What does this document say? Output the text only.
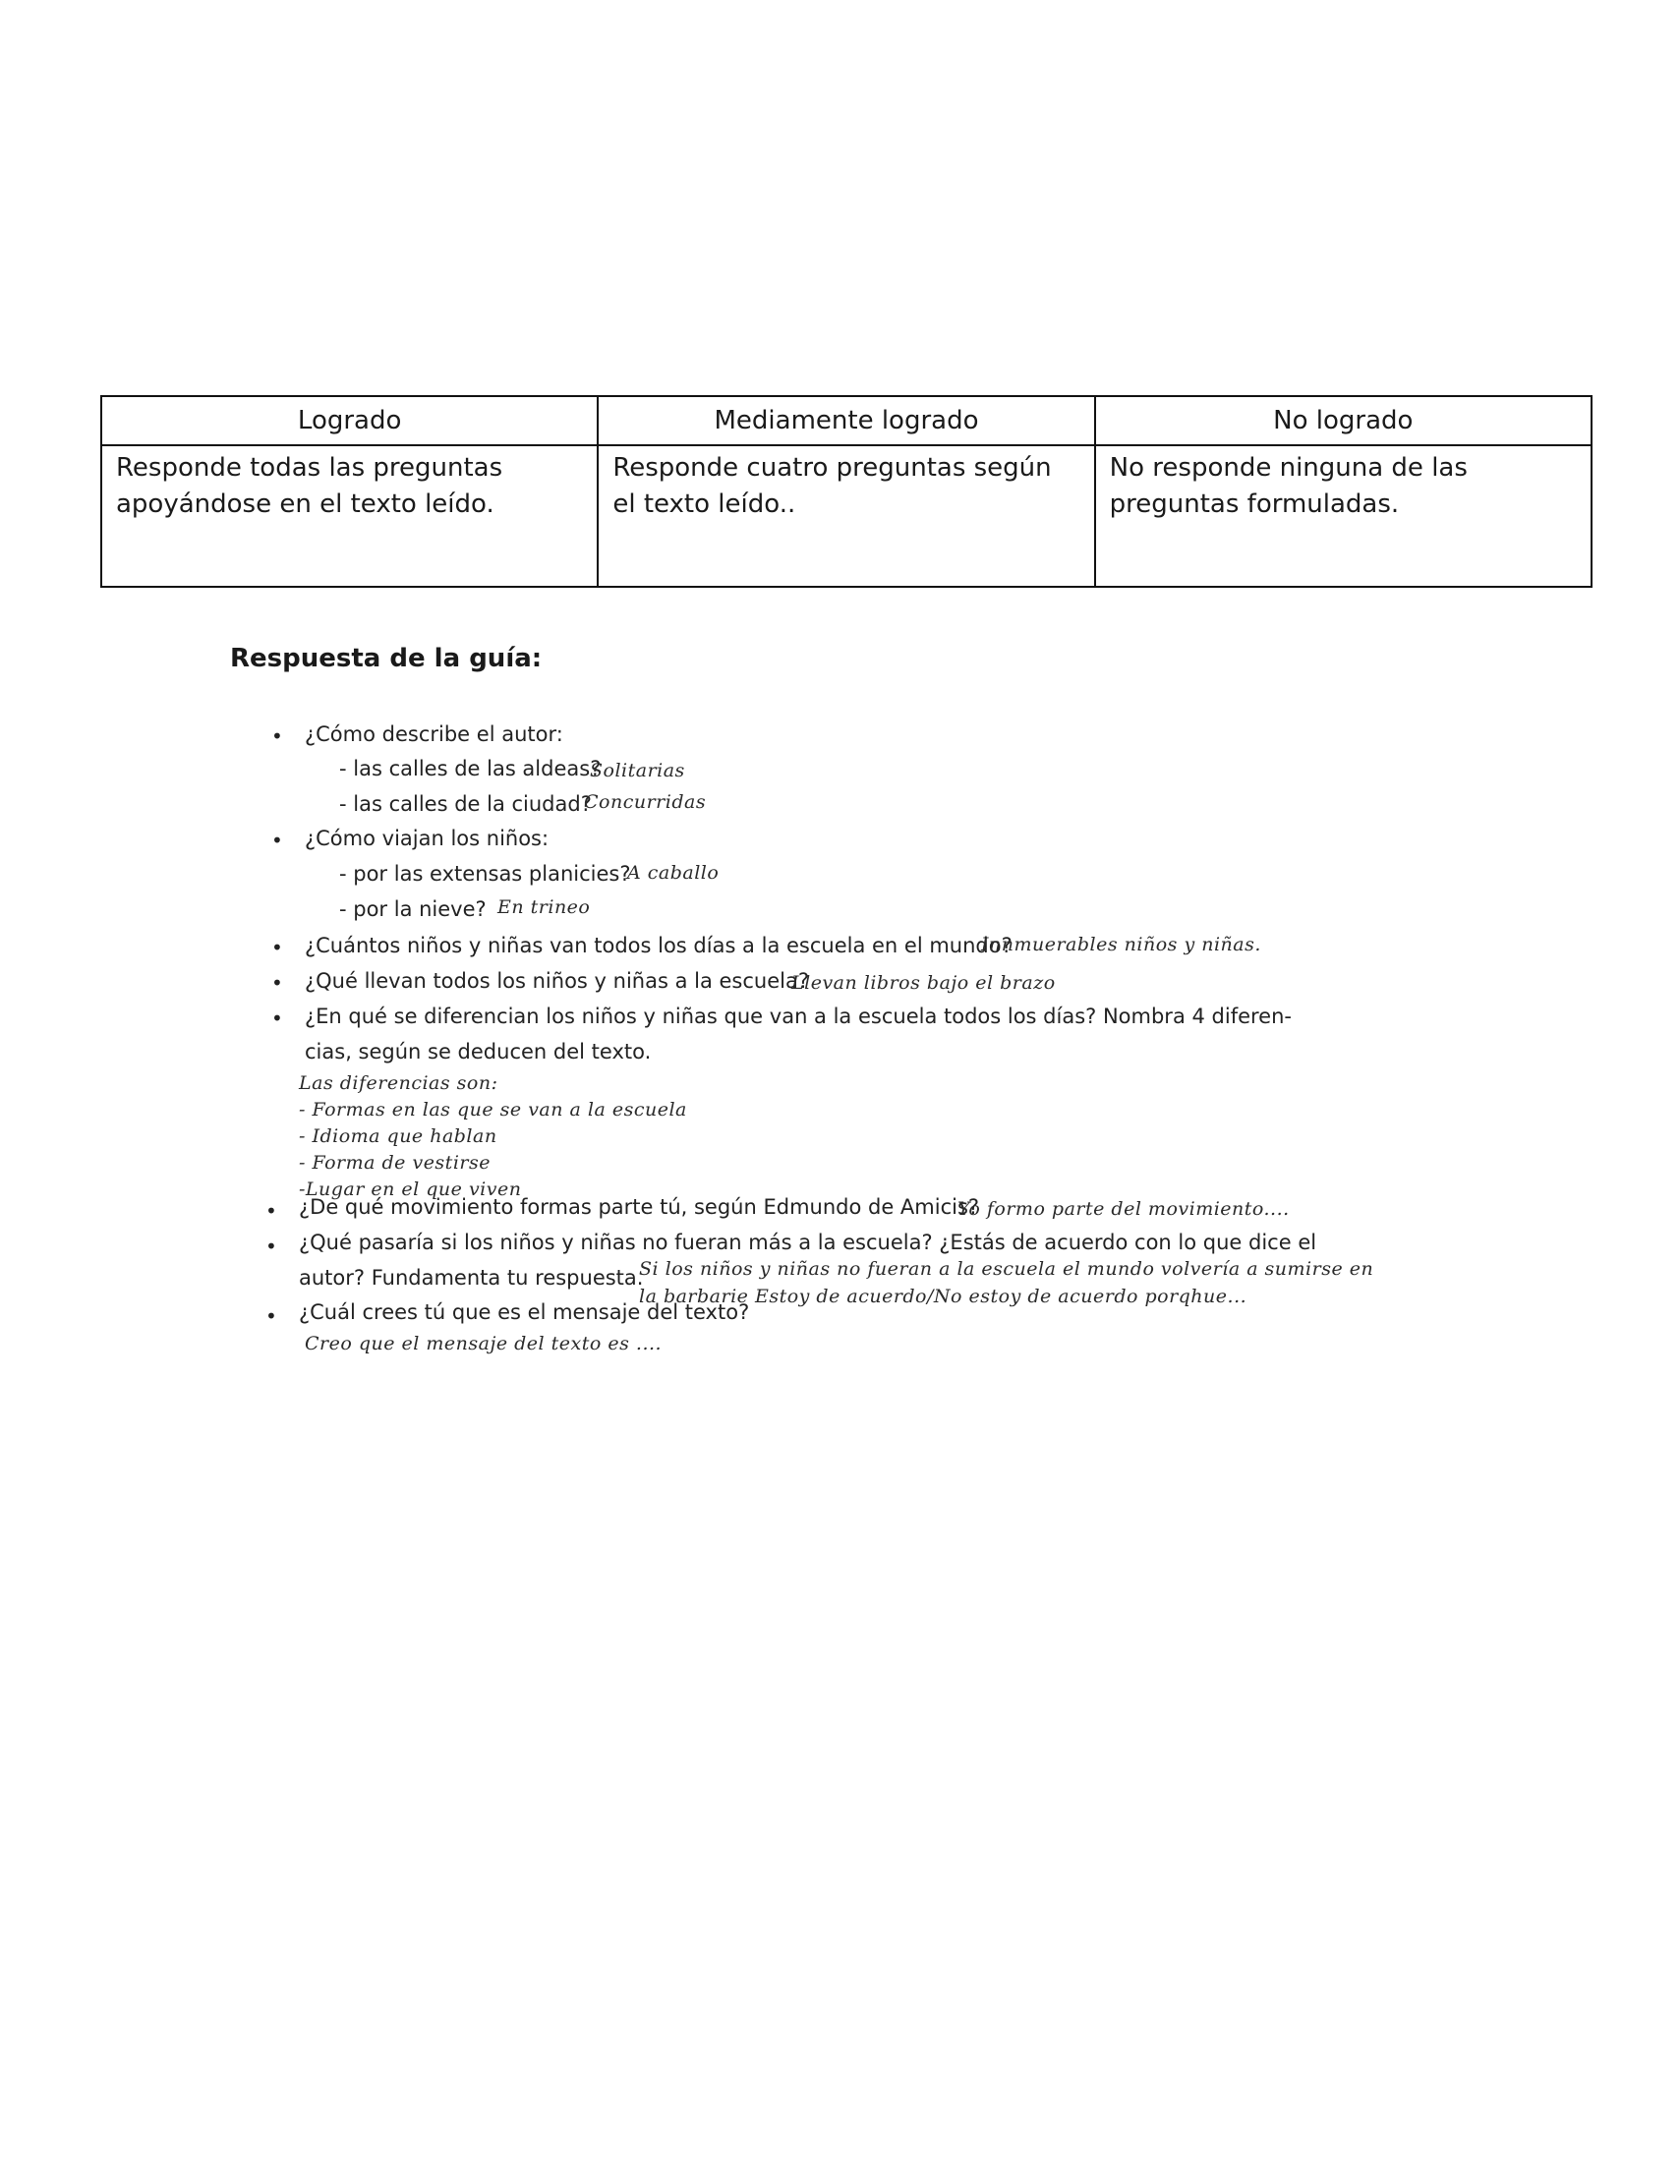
Logrado	Mediamente logrado	No logrado
Responde todas las preguntas apoyándose en el texto leído.	Responde cuatro preguntas según el texto leído..	No responde ninguna de las preguntas formuladas.
Respuesta de la guía:
• ¿Cómo describe el autor:
- las calles de las aldeas?
Solitarias
- las calles de la ciudad?
Concurridas
• ¿Cómo viajan los niños:
- por las extensas planicies?
A caballo
- por la nieve? En trineo
• ¿Cuántos niños y niñas van todos los días a la escuela en el mundo?
Innmuerables niños y niñas.
• ¿Qué llevan todos los niños y niñas a la escuela?
Llevan libros bajo el brazo
• ¿En qué se diferencian los niños y niñas que van a la escuela todos los días? Nombra 4 diferen-
cias, según se deducen del texto.
Las diferencias son:
- Formas en las que se van a la escuela
- Idioma que hablan
- Forma de vestirse
-Lugar en el que viven
• ¿De qué movimiento formas parte tú, según Edmundo de Amicis?
Yo formo parte del movimiento....
• ¿Qué pasaría si los niños y niñas no fueran más a la escuela? ¿Estás de acuerdo con lo que dice el
autor? Fundamenta tu respuesta.
Si los niños y niñas no fueran a la escuela el mundo volvería a sumirse en
la barbarie Estoy de acuerdo/No estoy de acuerdo porqhue...
• ¿Cuál crees tú que es el mensaje del texto?
Creo que el mensaje del texto es ....
